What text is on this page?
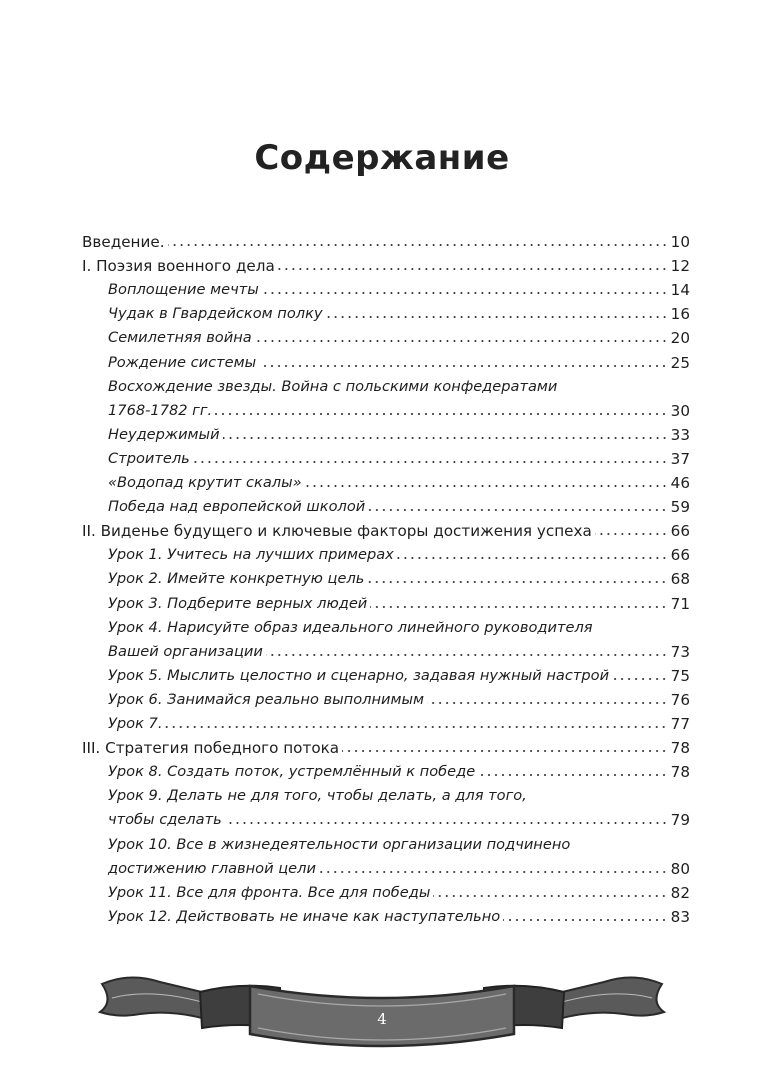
Содержание
Введение.	10
I. Поэзия военного дела	12
Воплощение мечты	14
Чудак в Гвардейском полку	16
Семилетняя война	20
Рождение системы	25
Восхождение звезды. Война с польскими конфедератами
1768-1782 гг.	30
Неудержимый	33
Строитель	37
«Водопад крутит скалы»	46
Победа над европейской школой	59
II. Виденье будущего и ключевые факторы достижения успеха	66
Урок 1. Учитесь на лучших примерах	66
Урок 2. Имейте конкретную цель	68
Урок 3. Подберите верных людей	71
Урок 4. Нарисуйте образ идеального линейного руководителя
Вашей организации	73
Урок 5. Мыслить целостно и сценарно, задавая нужный настрой	75
Урок 6. Занимайся реально выполнимым	76
Урок 7.	77
III. Стратегия победного потока	78
Урок 8. Создать поток, устремлённый к победе	78
Урок 9. Делать не для того, чтобы делать, а для того,
чтобы сделать	79
Урок 10. Все в жизнедеятельности организации подчинено
достижению главной цели	80
Урок 11. Все для фронта. Все для победы	82
Урок 12. Действовать не иначе как наступательно	83
4
